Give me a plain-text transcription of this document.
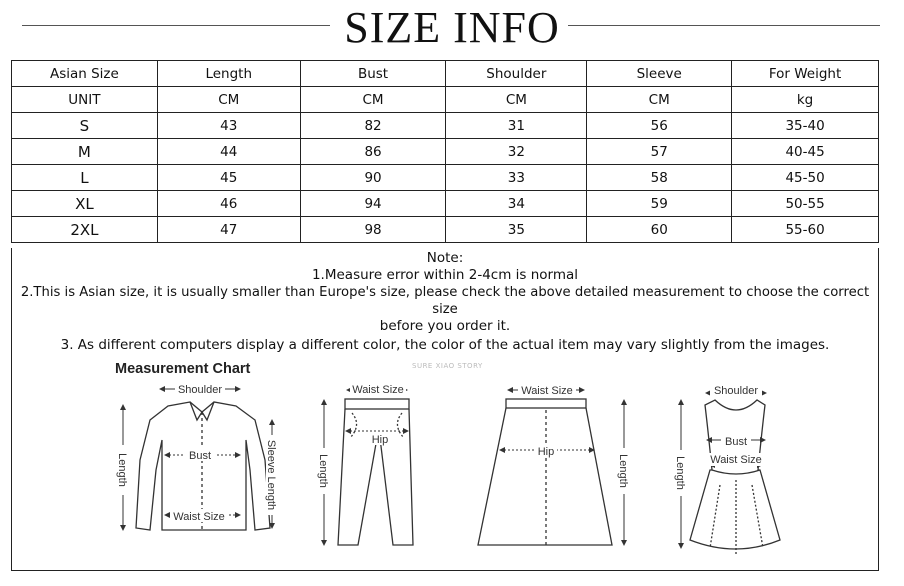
SIZE INFO
Asian Size	Length	Bust	Shoulder	Sleeve	For Weight
UNIT	CM	CM	CM	CM	kg
S	43	82	31	56	35-40
M	44	86	32	57	40-45
L	45	90	33	58	45-50
XL	46	94	34	59	50-55
2XL	47	98	35	60	55-60
Note:
1.Measure error within 2-4cm is normal
2.This is Asian size, it is usually smaller than Europe's size, please check the above detailed measurement to choose the correct size
before you order it.
3. As different computers display a different color, the color of the actual item may vary slightly from the images.
Measurement Chart	SURE XIAO STORY
Shoulder
Bust
Waist Size
Length	Sleeve Length
Waist Size
Hip
Length
Waist Size
Hip
Length
Shoulder
Bust
Waist Size
Length
